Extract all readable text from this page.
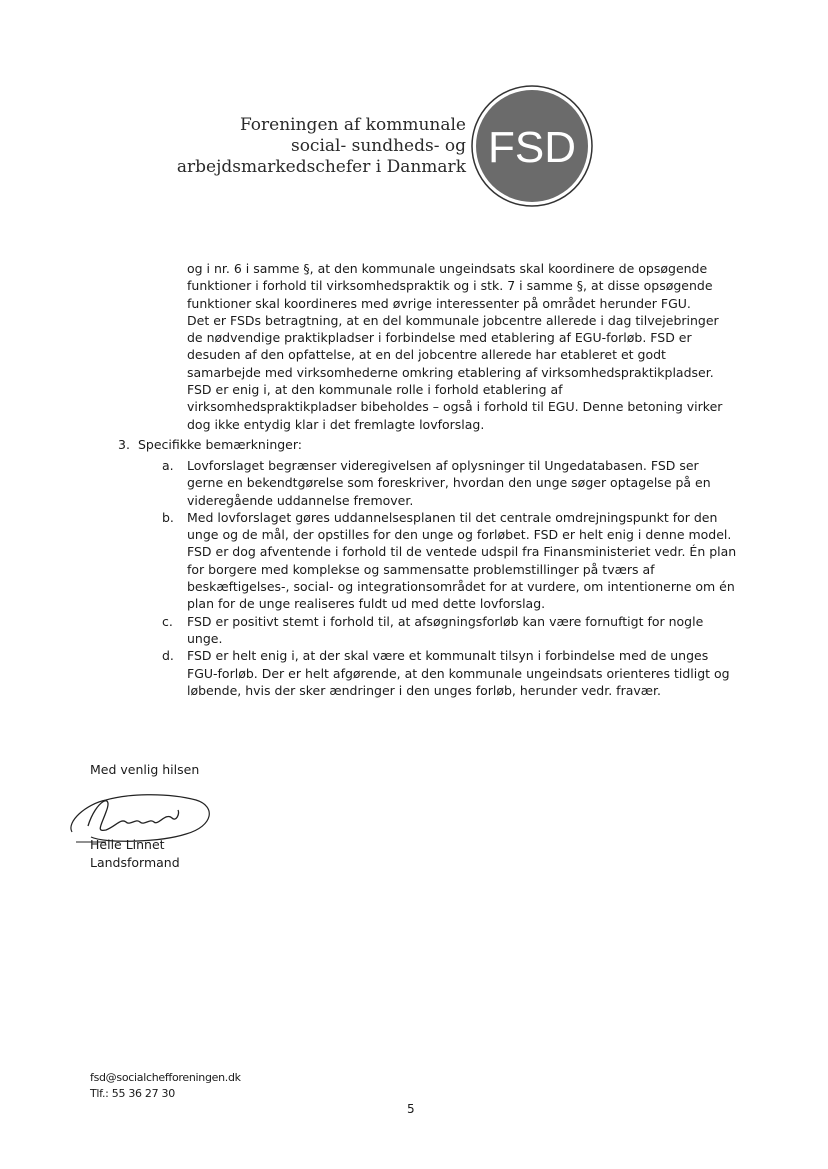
Foreningen af kommunale
social- sundheds- og
arbejdsmarkedschefer i Danmark FSD

og i nr. 6 i samme §, at den kommunale ungeindsats skal koordinere de opsøgende funktioner i forhold til virksomhedspraktik og i stk. 7 i samme §, at disse opsøgende funktioner skal koordineres med øvrige interessenter på området herunder FGU.

Det er FSDs betragtning, at en del kommunale jobcentre allerede i dag tilvejebringer de nødvendige praktikpladser i forbindelse med etablering af EGU-forløb. FSD er desuden af den opfattelse, at en del jobcentre allerede har etableret et godt samarbejde med virksomhederne omkring etablering af virksomhedspraktikpladser. FSD er enig i, at den kommunale rolle i forhold etablering af virksomhedspraktikpladser bibeholdes – også i forhold til EGU. Denne betoning virker dog ikke entydig klar i det fremlagte lovforslag.

3. Specifikke bemærkninger:

a.	Lovforslaget begrænser videregivelsen af oplysninger til Ungedatabasen. FSD ser gerne en bekendtgørelse som foreskriver, hvordan den unge søger optagelse på en videregående uddannelse fremover.
b.	Med lovforslaget gøres uddannelsesplanen til det centrale omdrejningspunkt for den unge og de mål, der opstilles for den unge og forløbet. FSD er helt enig i denne model.
FSD er dog afventende i forhold til de ventede udspil fra Finansministeriet vedr. Én plan for borgere med komplekse og sammensatte problemstillinger på tværs af beskæftigelses-, social- og integrationsområdet for at vurdere, om intentionerne om én plan for de unge realiseres fuldt ud med dette lovforslag.
c.	FSD er positivt stemt i forhold til, at afsøgningsforløb kan være fornuftigt for nogle unge.
d.	FSD er helt enig i, at der skal være et kommunalt tilsyn i forbindelse med de unges FGU-forløb. Der er helt afgørende, at den kommunale ungeindsats orienteres tidligt og løbende, hvis der sker ændringer i den unges forløb, herunder vedr. fravær.
Med venlig hilsen
Helle Linnet
Landsformand
fsd@socialchefforeningen.dk
Tlf.: 55 36 27 30
5
